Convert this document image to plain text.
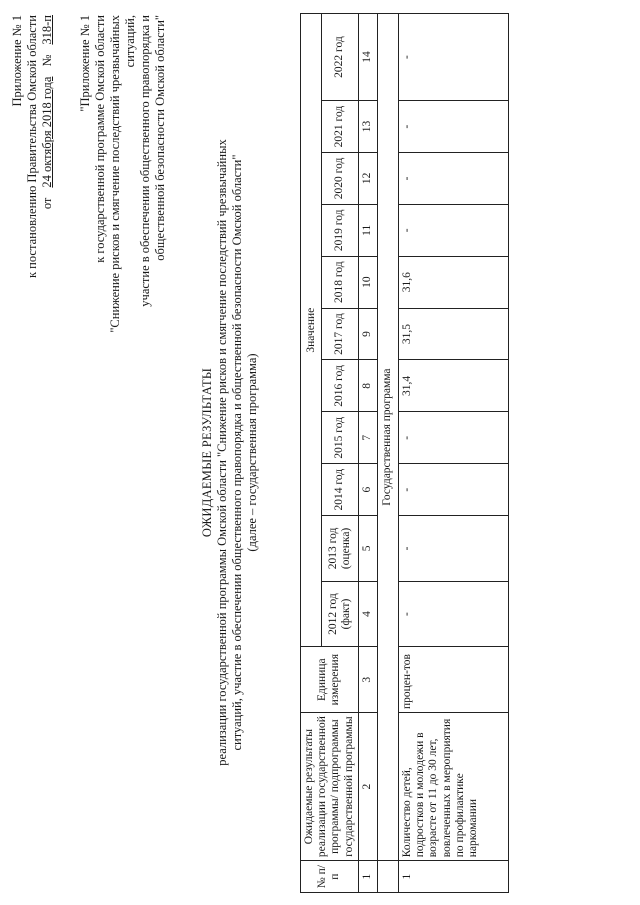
Приложение № 1 к постановлению Правительства Омской области от
24 октября 2018 года
№
318-п "Приложение № 1 к государственной программе Омской области "Снижение рисков и смягчение последствий чрезвычайных ситуаций, участие в обеспечении общественного правопорядка и общественной безопасности Омской области"
ОЖИДАЕМЫЕ РЕЗУЛЬТАТЫ реализации государственной программы Омской области "Снижение рисков и смягчение последствий чрезвычайных ситуаций, участие в обеспечении общественного правопорядка и общественной безопасности Омской области" (далее – государственная программа)
№ п/п	Ожидаемые результаты реализации государственной программы/ подпрограммы государственной программы	Единица измерения	Значение										
			2012 год (факт)	2013 год (оценка)	2014 год	2015 год	2016 год	2017 год	2018 год	2019 год	2020 год	2021 год	2022 год
1	2	3	4	5	6	7	8	9	10	11	12	13	14
	Государственная программа												
1	Количество детей, подростков и молодежи в возрасте от 11 до 30 лет, вовлеченных в мероприятия по профилактике наркомании	процен-тов	-	-	-	-	31,4	31,5	31,6	-	-	-	-
